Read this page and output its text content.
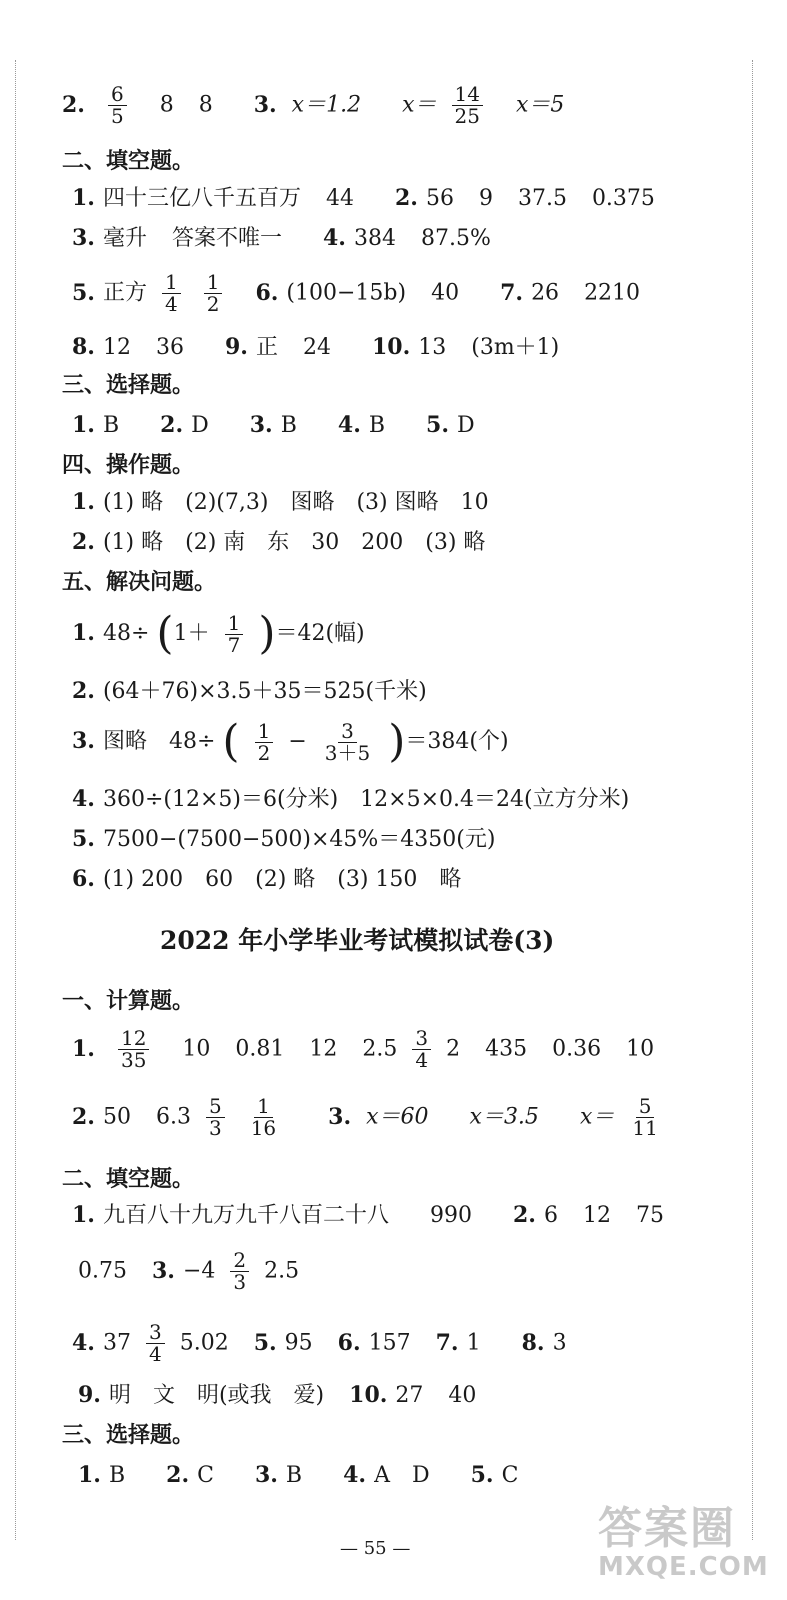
2. $\frac{6}{5} 8$ 8 3. x＝1.2 $x= \frac{14}{25} x=5$
二、填空题。
1. 四十三亿八千五百万 44 2. 56 9 37.5 0.375
3. 毫升 答案不唯一 4. 384 87.5%
5. 正方 $\frac{1}{4}$
$\frac{1}{2} 6$. (100−15b) 40 7. 26 2210
8. 12 36 9. 正 24 10. 13 (3m＋1)
三、选择题。
1. B 2. D 3. B 4. B 5. D
四、操作题。
1. (1) 略　(2)(7,3)　图略　(3) 图略　10
2. (1) 略　(2) 南　东　30　200　(3) 略
五、解决问题。
1. $48\div (1+ \frac{1}{7} )=42$(幅)
2. (64＋76)×3.5＋35＝525(千米)
3. 图略　48÷ ( $\frac{1}{2} - \frac{3}{3+5} )=384$(个)
4. 360÷(12×5)＝6(分米)　12×5×0.4＝24(立方分米)
5. 7500−(7500−500)×45%＝4350(元)
6. (1) 200　60　(2) 略　(3) 150　略
2022 年小学毕业考试模拟试卷(3)
一、计算题。
1. $\frac{12}{35} 10$ 0.81 12 $2.5 \frac{3}{4} 2$ 435 0.36 10
2. 50 $6.3 \frac{5}{3}$
$\frac{1}{16} 3$. x＝60 x＝3.5 $x= \frac{5}{11}$
二、填空题。
1. 九百八十九万九千八百二十八 990 2. 6 12 75
0.75 3. $-4 \frac{2}{3} 2.5$
4. $37 \frac{3}{4} 5.02$ 5. 95 6. 157 7. 1 8. 3
9. 明　文　明(或我　爱) 10. 27 40
三、选择题。
1. B 2. C 3. B 4. A　D 5. C
— 55 —	答案圈
MXQE.COM
